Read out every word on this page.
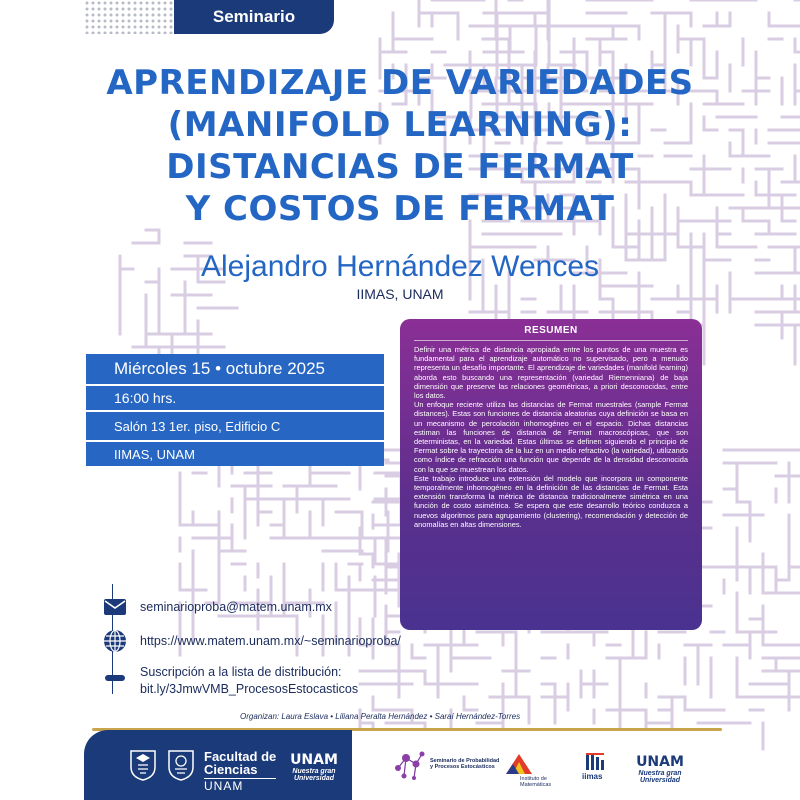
Seminario
APRENDIZAJE DE VARIEDADES
(MANIFOLD LEARNING):
DISTANCIAS DE FERMAT
Y COSTOS DE FERMAT
Alejandro Hernández Wences
IIMAS, UNAM
Miércoles 15 • octubre 2025
16:00 hrs.
Salón 13 1er. piso, Edificio C
IIMAS, UNAM
RESUMEN

Definir una métrica de distancia apropiada entre los puntos de una muestra es fundamental para el aprendizaje automático no supervisado, pero a menudo representa un desafío importante. El aprendizaje de variedades (manifold learning) aborda esto buscando una representación (variedad Riemenniana) de baja dimensión que preserve las relaciones geométricas, a priori desconocidas, entre los datos.

Un enfoque reciente utiliza las distancias de Fermat muestrales (sample Fermat distances). Estas son funciones de distancia aleatorias cuya definición se basa en un mecanismo de percolación inhomogéneo en el espacio. Dichas distancias estiman las funciones de distancia de Fermat macroscópicas, que son deterministas, en la variedad. Estas últimas se definen siguiendo el principio de Fermat sobre la trayectoria de la luz en un medio refractivo (la variedad), utilizando como índice de refracción una función que depende de la densidad desconocida con la que se muestrean los datos.

Este trabajo introduce una extensión del modelo que incorpora un componente temporalmente inhomogéneo en la definición de las distancias de Fermat. Esta extensión transforma la métrica de distancia tradicionalmente simétrica en una función de costo asimétrica. Se espera que este desarrollo teórico conduzca a nuevos algoritmos para agrupamiento (clustering), recomendación y detección de anomalías en altas dimensiones.

seminarioproba@matem.unam.mx
https://www.matem.unam.mx/~seminarioproba/
Suscripción a la lista de distribución:
bit.ly/3JmwVMB_ProcesosEstocasticos
Organizan: Laura Eslava • Liliana Peralta Hernández • Saraí Hernández-Torres
Facultad de
Ciencias
UNAM
UNAM
Nuestra gran Universidad
Seminario de Probabilidad y Procesos Estocásticos
Instituto de Matemáticas
iimas
UNAM
Nuestra gran Universidad
